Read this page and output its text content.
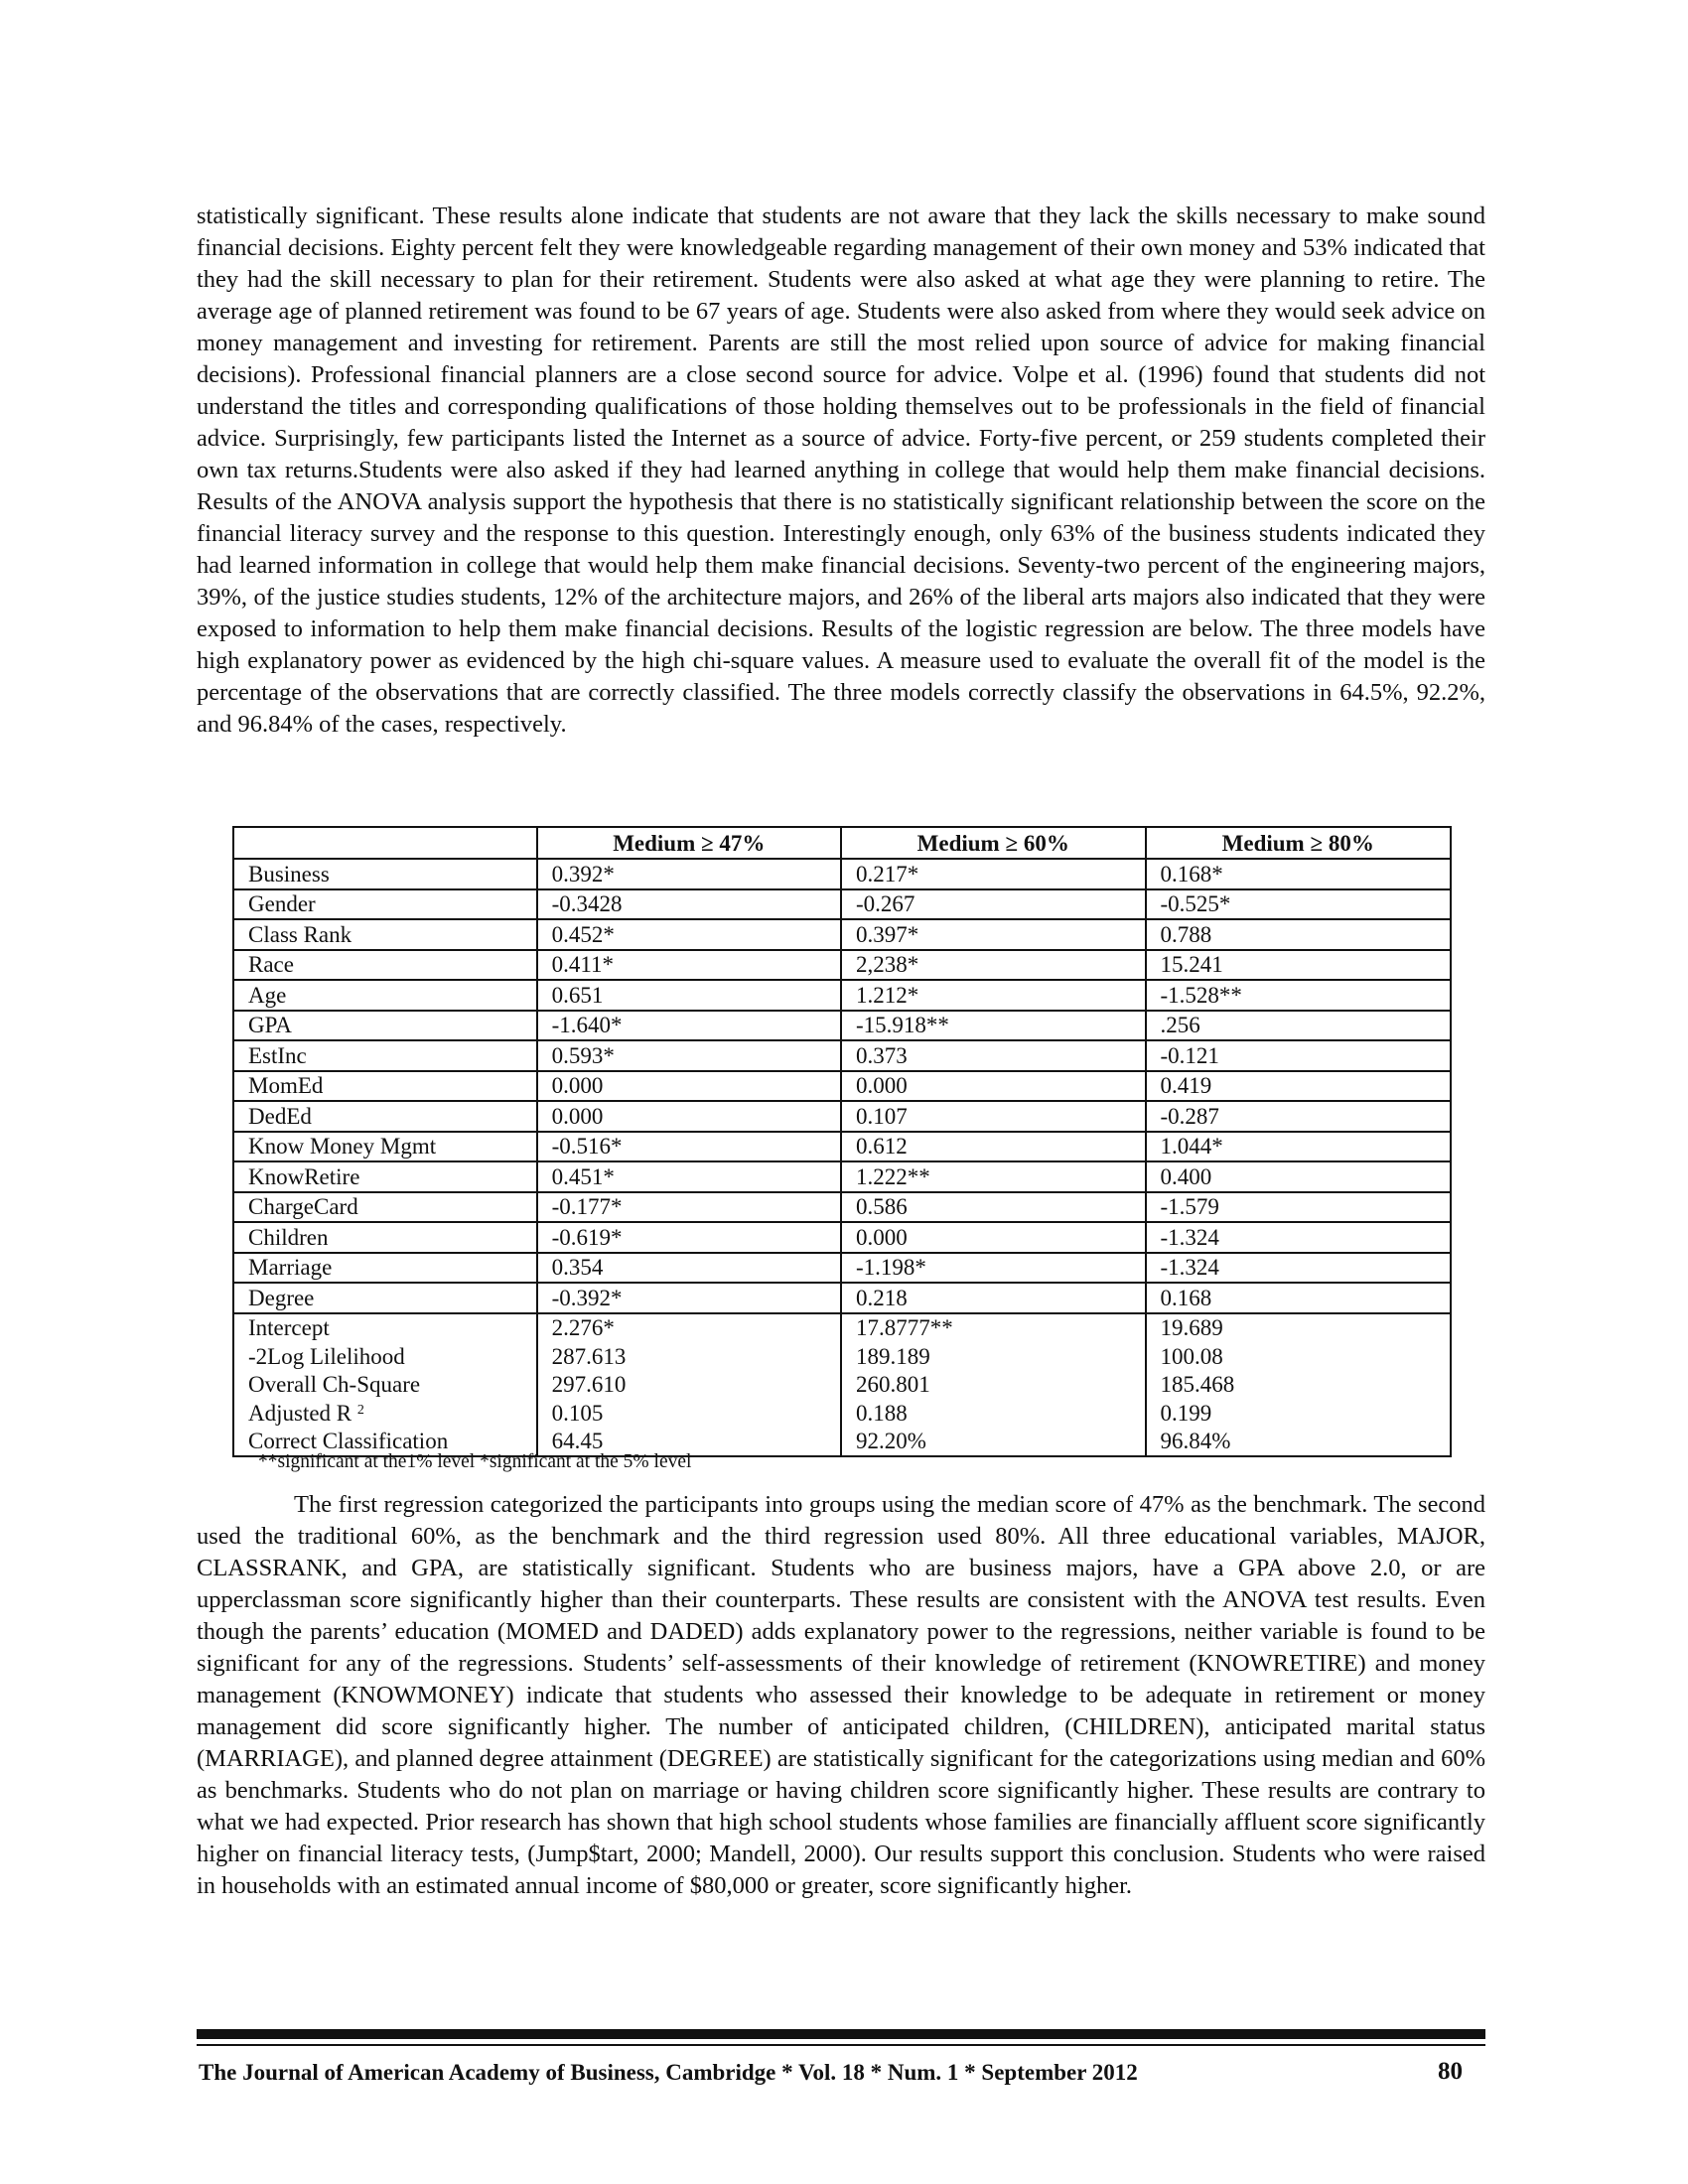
statistically significant. These results alone indicate that students are not aware that they lack the skills necessary to make sound financial decisions. Eighty percent felt they were knowledgeable regarding management of their own money and 53% indicated that they had the skill necessary to plan for their retirement. Students were also asked at what age they were planning to retire. The average age of planned retirement was found to be 67 years of age. Students were also asked from where they would seek advice on money management and investing for retirement. Parents are still the most relied upon source of advice for making financial decisions). Professional financial planners are a close second source for advice. Volpe et al. (1996) found that students did not understand the titles and corresponding qualifications of those holding themselves out to be professionals in the field of financial advice. Surprisingly, few participants listed the Internet as a source of advice. Forty-five percent, or 259 students completed their own tax returns.Students were also asked if they had learned anything in college that would help them make financial decisions. Results of the ANOVA analysis support the hypothesis that there is no statistically significant relationship between the score on the financial literacy survey and the response to this question. Interestingly enough, only 63% of the business students indicated they had learned information in college that would help them make financial decisions. Seventy-two percent of the engineering majors, 39%, of the justice studies students, 12% of the architecture majors, and 26% of the liberal arts majors also indicated that they were exposed to information to help them make financial decisions. Results of the logistic regression are below. The three models have high explanatory power as evidenced by the high chi-square values. A measure used to evaluate the overall fit of the model is the percentage of the observations that are correctly classified. The three models correctly classify the observations in 64.5%, 92.2%, and 96.84% of the cases, respectively.

	Medium ≥ 47%	Medium ≥ 60%	Medium ≥ 80%
Business	0.392*	0.217*	0.168*
Gender	-0.3428	-0.267	-0.525*
Class Rank	0.452*	0.397*	0.788
Race	0.411*	2,238*	15.241
Age	0.651	1.212*	-1.528**
GPA	-1.640*	-15.918**	.256
EstInc	0.593*	0.373	-0.121
MomEd	0.000	0.000	0.419
DedEd	0.000	0.107	-0.287
Know Money Mgmt	-0.516*	0.612	1.044*
KnowRetire	0.451*	1.222**	0.400
ChargeCard	-0.177*	0.586	-1.579
Children	-0.619*	0.000	-1.324
Marriage	0.354	-1.198*	-1.324
Degree	-0.392*	0.218	0.168
Intercept	2.276*	17.8777**	19.689
-2Log Lilelihood	287.613	189.189	100.08
Overall Ch-Square	297.610	260.801	185.468
Adjusted R $^2$	0.105	0.188	0.199
Correct Classification	64.45	92.20%	96.84%
**significant at the1% level *significant at the 5% level

The first regression categorized the participants into groups using the median score of 47% as the benchmark. The second used the traditional 60%, as the benchmark and the third regression used 80%. All three educational variables, MAJOR, CLASSRANK, and GPA, are statistically significant. Students who are business majors, have a GPA above 2.0, or are upperclassman score significantly higher than their counterparts. These results are consistent with the ANOVA test results. Even though the parents’ education (MOMED and DADED) adds explanatory power to the regressions, neither variable is found to be significant for any of the regressions. Students’ self-assessments of their knowledge of retirement (KNOWRETIRE) and money management (KNOWMONEY) indicate that students who assessed their knowledge to be adequate in retirement or money management did score significantly higher. The number of anticipated children, (CHILDREN), anticipated marital status (MARRIAGE), and planned degree attainment (DEGREE) are statistically significant for the categorizations using median and 60% as benchmarks. Students who do not plan on marriage or having children score significantly higher. These results are contrary to what we had expected. Prior research has shown that high school students whose families are financially affluent score significantly higher on financial literacy tests, (Jump$tart, 2000; Mandell, 2000). Our results support this conclusion. Students who were raised in households with an estimated annual income of $80,000 or greater, score significantly higher.

The Journal of American Academy of Business, Cambridge * Vol. 18 * Num. 1 * September 2012	80
